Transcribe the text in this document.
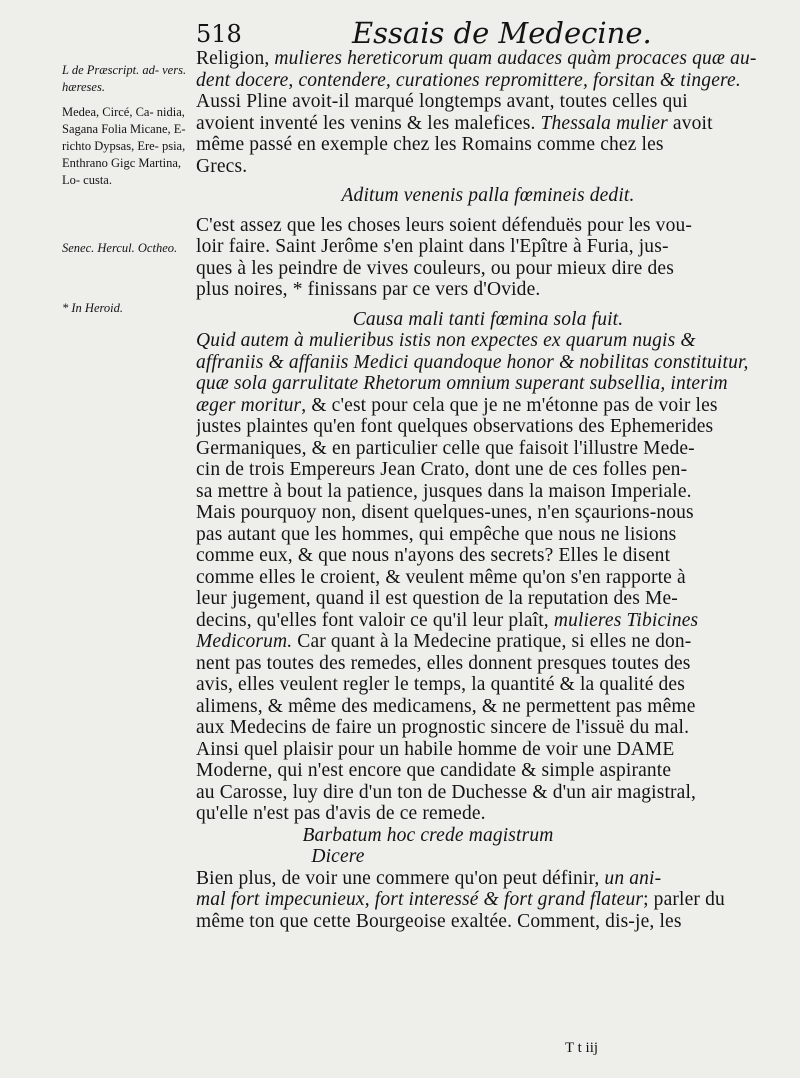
518	Essais de Medecine.
L de Præscript. ad- vers. hæreses.
Medea, Circé, Ca- nidia, Sagana Folia Micane, E- richto Dypsas, Ere- psia, Enthrano Gigc Martina, Lo- custa.
Senec. Hercul. Octheo.
* In Heroid.
Religion, mulieres hereticorum quam audaces quàm procaces quæ au-
dent docere, contendere, curationes repromittere, forsitan & tingere.
Aussi Pline avoit-il marqué longtemps avant, toutes celles qui
avoient inventé les venins & les malefices. Thessala mulier avoit
même passé en exemple chez les Romains comme chez les
Grecs.
Aditum venenis palla fœmineis dedit.
C'est assez que les choses leurs soient défenduës pour les vou-
loir faire. Saint Jerôme s'en plaint dans l'Epître à Furia, jus-
ques à les peindre de vives couleurs, ou pour mieux dire des
plus noires, * finissans par ce vers d'Ovide.
Causa mali tanti fœmina sola fuit.
Quid autem à mulieribus istis non expectes ex quarum nugis &
affraniis & affaniis Medici quandoque honor & nobilitas constituitur,
quæ sola garrulitate Rhetorum omnium superant subsellia, interim
æger moritur, & c'est pour cela que je ne m'étonne pas de voir les
justes plaintes qu'en font quelques observations des Ephemerides
Germaniques, & en particulier celle que faisoit l'illustre Mede-
cin de trois Empereurs Jean Crato, dont une de ces folles pen-
sa mettre à bout la patience, jusques dans la maison Imperiale.
Mais pourquoy non, disent quelques-unes, n'en sçaurions-nous
pas autant que les hommes, qui empêche que nous ne lisions
comme eux, & que nous n'ayons des secrets? Elles le disent
comme elles le croient, & veulent même qu'on s'en rapporte à
leur jugement, quand il est question de la reputation des Me-
decins, qu'elles font valoir ce qu'il leur plaît, mulieres Tibicines
Medicorum. Car quant à la Medecine pratique, si elles ne don-
nent pas toutes des remedes, elles donnent presques toutes des
avis, elles veulent regler le temps, la quantité & la qualité des
alimens, & même des medicamens, & ne permettent pas même
aux Medecins de faire un prognostic sincere de l'issuë du mal.
Ainsi quel plaisir pour un habile homme de voir une DAME
Moderne, qui n'est encore que candidate & simple aspirante
au Carosse, luy dire d'un ton de Duchesse & d'un air magistral,
qu'elle n'est pas d'avis de ce remede.
Barbatum hoc crede magistrum
Dicere
Bien plus, de voir une commere qu'on peut définir, un ani-
mal fort impecunieux, fort interessé & fort grand flateur; parler du
même ton que cette Bourgeoise exaltée. Comment, dis-je, les
T t iij
